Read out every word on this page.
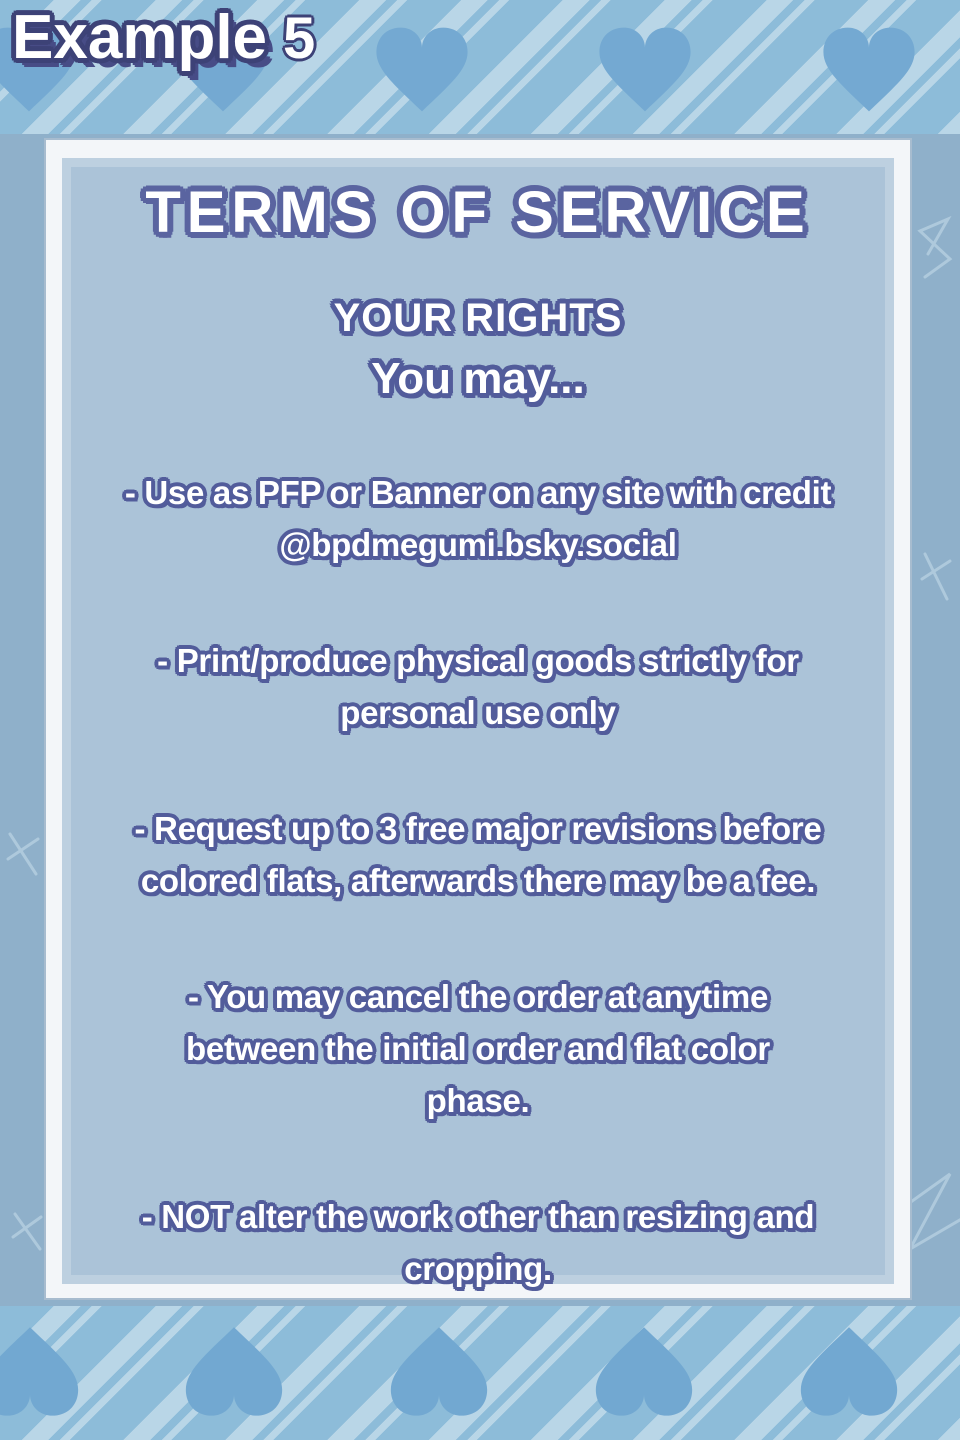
Example 5
TERMS OF SERVICE
YOUR RIGHTS
You may...
- Use as PFP or Banner on any site with credit
@bpdmegumi.bsky.social
- Print/produce physical goods strictly for
personal use only
- Request up to 3 free major revisions before
colored flats, afterwards there may be a fee.
- You may cancel the order at anytime
between the initial order and flat color
phase.
- NOT alter the work other than resizing and
cropping.
